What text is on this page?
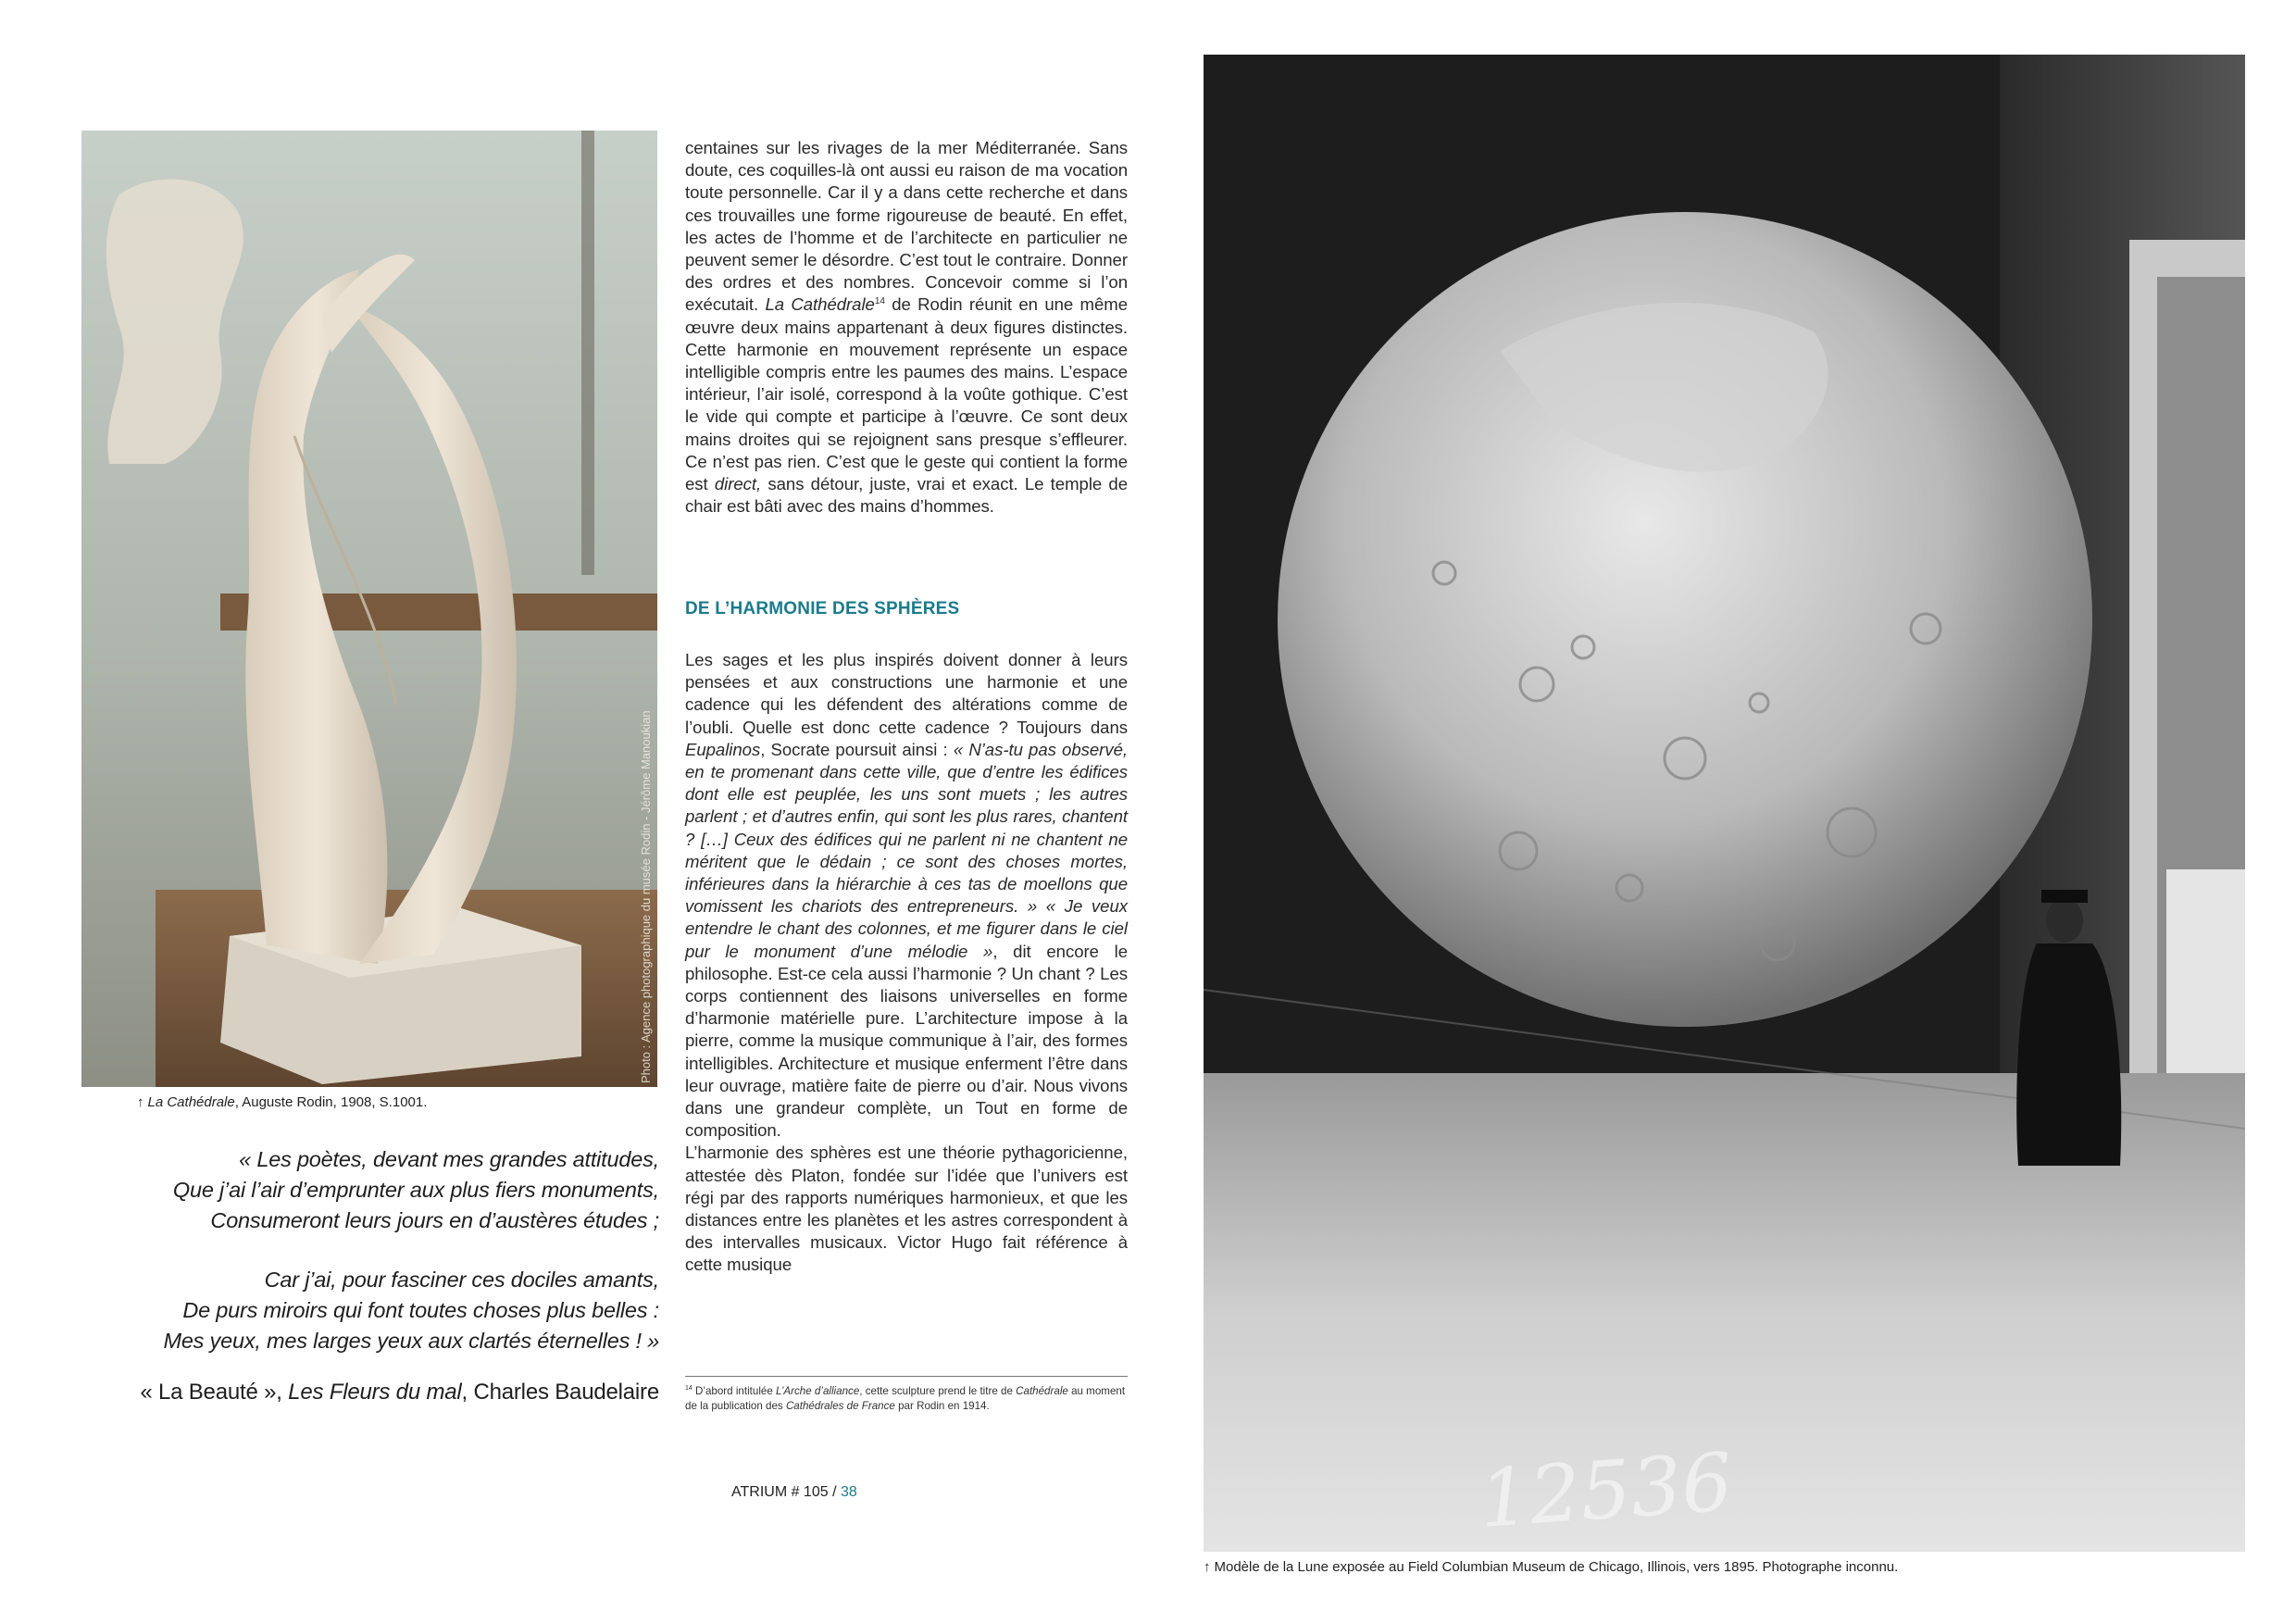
Photo : Agence photographique du musée Rodin - Jérôme Manoukian
↑ La Cathédrale, Auguste Rodin, 1908, S.1001.
« Les poètes, devant mes grandes attitudes,
Que j’ai l’air d’emprunter aux plus fiers monuments,
Consumeront leurs jours en d’austères études ;
Car j’ai, pour fasciner ces dociles amants,
De purs miroirs qui font toutes choses plus belles :
Mes yeux, mes larges yeux aux clartés éternelles ! »
« La Beauté », Les Fleurs du mal, Charles Baudelaire

centaines sur les rivages de la mer Méditerranée. Sans doute, ces coquilles-là ont aussi eu raison de ma vocation toute personnelle. Car il y a dans cette recherche et dans ces trouvailles une forme rigoureuse de beauté. En effet, les actes de l’homme et de l’architecte en particulier ne peuvent semer le désordre. C’est tout le contraire. Donner des ordres et des nombres. Concevoir comme si l’on exécutait. La Cathédrale$^{14}$ de Rodin réunit en une même œuvre deux mains appartenant à deux figures distinctes. Cette harmonie en mouvement représente un espace intelligible compris entre les paumes des mains. L’espace intérieur, l’air isolé, correspond à la voûte gothique. C’est le vide qui compte et participe à l’œuvre. Ce sont deux mains droites qui se rejoignent sans presque s’effleurer. Ce n’est pas rien. C’est que le geste qui contient la forme est direct, sans détour, juste, vrai et exact. Le temple de chair est bâti avec des mains d’hommes.

DE L’HARMONIE DES SPHÈRES

Les sages et les plus inspirés doivent donner à leurs pensées et aux constructions une harmonie et une cadence qui les défendent des altérations comme de l’oubli. Quelle est donc cette cadence ? Toujours dans Eupalinos, Socrate poursuit ainsi : « N’as-tu pas observé, en te promenant dans cette ville, que d’entre les édifices dont elle est peuplée, les uns sont muets ; les autres parlent ; et d’autres enfin, qui sont les plus rares, chantent ? […] Ceux des édifices qui ne parlent ni ne chantent ne méritent que le dédain ; ce sont des choses mortes, inférieures dans la hiérarchie à ces tas de moellons que vomissent les chariots des entrepreneurs. » « Je veux entendre le chant des colonnes, et me figurer dans le ciel pur le monument d’une mélodie », dit encore le philosophe. Est-ce cela aussi l’harmonie ? Un chant ? Les corps contiennent des liaisons universelles en forme d’harmonie matérielle pure. L’architecture impose à la pierre, comme la musique communique à l’air, des formes intelligibles. Architecture et musique enferment l’être dans leur ouvrage, matière faite de pierre ou d’air. Nous vivons dans une grandeur complète, un Tout en forme de composition.

L’harmonie des sphères est une théorie pythagoricienne, attestée dès Platon, fondée sur l’idée que l’univers est régi par des rapports numériques harmonieux, et que les distances entre les planètes et les astres correspondent à des intervalles musicaux. Victor Hugo fait référence à cette musique

$^{14}$ D’abord intitulée L’Arche d’alliance, cette sculpture prend le titre de Cathédrale au moment de la publication des Cathédrales de France par Rodin en 1914.
ATRIUM # 105 / 38	12536
↑ Modèle de la Lune exposée au Field Columbian Museum de Chicago, Illinois, vers 1895. Photographe inconnu.
